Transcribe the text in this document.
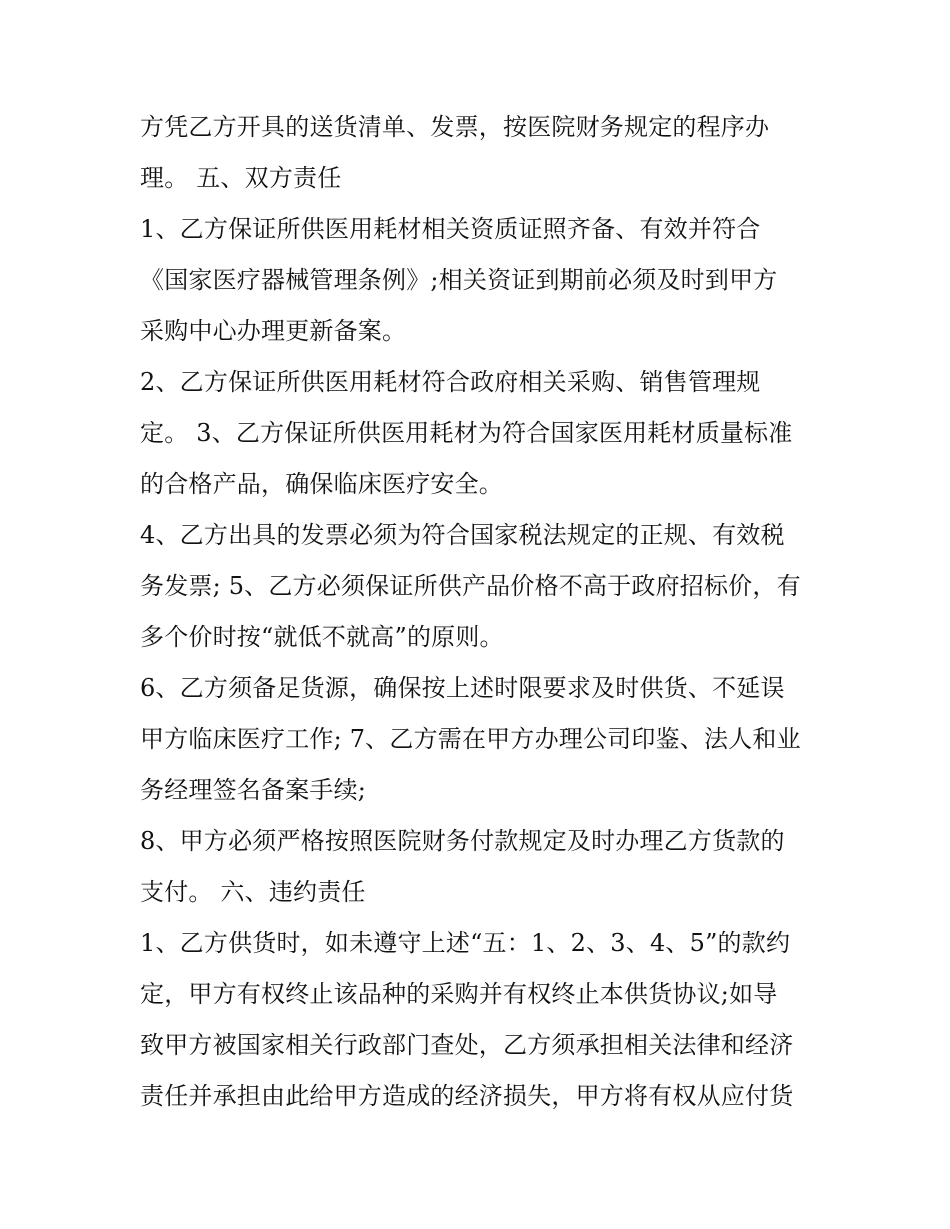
方凭乙方开具的送货清单、发票，按医院财务规定的程序办
理。 五、双方责任
1、乙方保证所供医用耗材相关资质证照齐备、有效并符合
《国家医疗器械管理条例》;相关资证到期前必须及时到甲方
采购中心办理更新备案。
2、乙方保证所供医用耗材符合政府相关采购、销售管理规
定。 3、乙方保证所供医用耗材为符合国家医用耗材质量标准
的合格产品，确保临床医疗安全。
4、乙方出具的发票必须为符合国家税法规定的正规、有效税
务发票; 5、乙方必须保证所供产品价格不高于政府招标价，有
多个价时按“就低不就高”的原则。
6、乙方须备足货源，确保按上述时限要求及时供货、不延误
甲方临床医疗工作; 7、乙方需在甲方办理公司印鉴、法人和业
务经理签名备案手续;
8、甲方必须严格按照医院财务付款规定及时办理乙方货款的
支付。 六、违约责任
1、乙方供货时，如未遵守上述“五：1、2、3、4、5”的款约
定，甲方有权终止该品种的采购并有权终止本供货协议;如导
致甲方被国家相关行政部门查处，乙方须承担相关法律和经济
责任并承担由此给甲方造成的经济损失，甲方将有权从应付货
